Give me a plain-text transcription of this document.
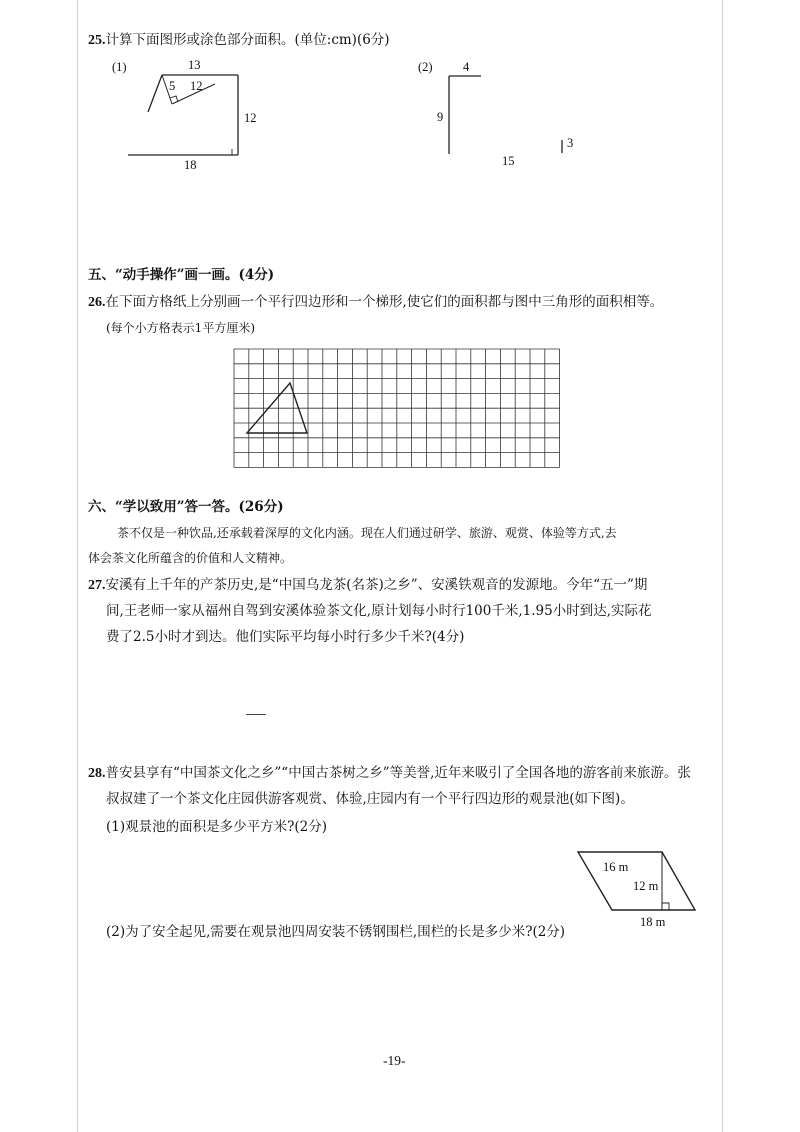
25.计算下面图形或涂色部分面积。(单位:cm)(6分)
(1)	13
5 12
12
18
(2) 4
9
15
3
五、“动手操作”画一画。(4分)
26.在下面方格纸上分别画一个平行四边形和一个梯形,使它们的面积都与图中三角形的面积相等。
(每个小方格表示1平方厘米)
六、“学以致用”答一答。(26分)
茶不仅是一种饮品,还承载着深厚的文化内涵。现在人们通过研学、旅游、观赏、体验等方式,去
体会茶文化所蕴含的价值和人文精神。
27.安溪有上千年的产茶历史,是“中国乌龙茶(名茶)之乡”、安溪铁观音的发源地。今年“五一”期
间,王老师一家从福州自驾到安溪体验茶文化,原计划每小时行100千米,1.95小时到达,实际花
费了2.5小时才到达。他们实际平均每小时行多少千米?(4分)
28.普安县享有“中国茶文化之乡”“中国古茶树之乡”等美誉,近年来吸引了全国各地的游客前来旅游。张
叔叔建了一个茶文化庄园供游客观赏、体验,庄园内有一个平行四边形的观景池(如下图)。
(1)观景池的面积是多少平方米?(2分)
16 m
12 m
18 m
(2)为了安全起见,需要在观景池四周安装不锈钢围栏,围栏的长是多少米?(2分)
-19-
